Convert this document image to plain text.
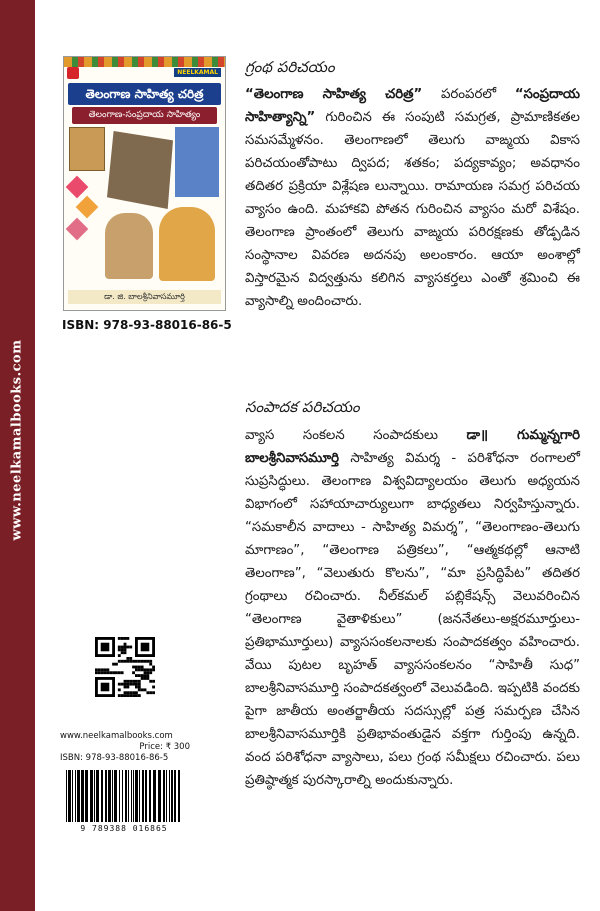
www.neelkamalbooks.com
NEELKAMAL
తెలంగాణ సాహిత్య చరిత్ర
తెలంగాణ-సంప్రదాయ సాహిత్యం
డా. జి. బాలశ్రీనివాసమూర్తి
ISBN: 978-93-88016-86-5
గ్రంథ పరిచయం
“తెలంగాణ సాహిత్య చరిత్ర” పరంపరలో “సంప్రదాయ సాహిత్యాన్ని” గురించిన ఈ సంపుటి సమగ్రత, ప్రామాణికతల సమసమ్మేళనం. తెలంగాణలో తెలుగు వాఙ్మయ వికాస పరిచయంతోపాటు ద్విపద; శతకం; పద్యకావ్యం; అవధానం తదితర ప్రక్రియా విశ్లేషణ లున్నాయి. రామాయణ సమగ్ర పరిచయ వ్యాసం ఉంది. మహాకవి పోతన గురించిన వ్యాసం మరో విశేషం. తెలంగాణ ప్రాంతంలో తెలుగు వాఙ్మయ పరిరక్షణకు తోడ్పడిన సంస్థానాల వివరణ అదనపు అలంకారం. ఆయా అంశాల్లో విస్తారమైన విద్వత్తును కలిగిన వ్యాసకర్తలు ఎంతో శ్రమించి ఈ వ్యాసాల్ని అందించారు.
సంపాదక పరిచయం
వ్యాస సంకలన సంపాదకులు డా॥ గుమ్మన్నగారి బాలశ్రీనివాసమూర్తి సాహిత్య విమర్శ - పరిశోధనా రంగాలలో సుప్రసిద్ధులు. తెలంగాణ విశ్వవిద్యాలయం తెలుగు అధ్యయన విభాగంలో సహాయాచార్యులుగా బాధ్యతలు నిర్వహిస్తున్నారు. “సమకాలీన వాదాలు - సాహిత్య విమర్శ”, “తెలంగాణం-తెలుగు మాగాణం”, “తెలంగాణ పత్రికలు”, “ఆత్మకథల్లో ఆనాటి తెలంగాణ”, “వెలుతురు కొలను”, “మా ప్రసిద్ధిపేట” తదితర గ్రంథాలు రచించారు. నీల్‌కమల్ పబ్లికేషన్స్ వెలువరించిన “తెలంగాణ వైతాళికులు” (జననేతలు-అక్షరమూర్తులు-ప్రతిభామూర్తులు) వ్యాససంకలనాలకు సంపాదకత్వం వహించారు. వేయి పుటల బృహత్ వ్యాససంకలనం “సాహితీ సుధ” బాలశ్రీనివాసమూర్తి సంపాదకత్వంలో వెలువడింది. ఇప్పటికి వందకు పైగా జాతీయ అంతర్జాతీయ సదస్సుల్లో పత్ర సమర్పణ చేసిన బాలశ్రీనివాసమూర్తికి ప్రతిభావంతుడైన వక్తగా గుర్తింపు ఉన్నది. వంద పరిశోధనా వ్యాసాలు, పలు గ్రంథ సమీక్షలు రచించారు. పలు ప్రతిష్ఠాత్మక పురస్కారాల్ని అందుకున్నారు.
www.neelkamalbooks.com
Price: ₹ 300
ISBN: 978-93-88016-86-5
9 789388 016865
